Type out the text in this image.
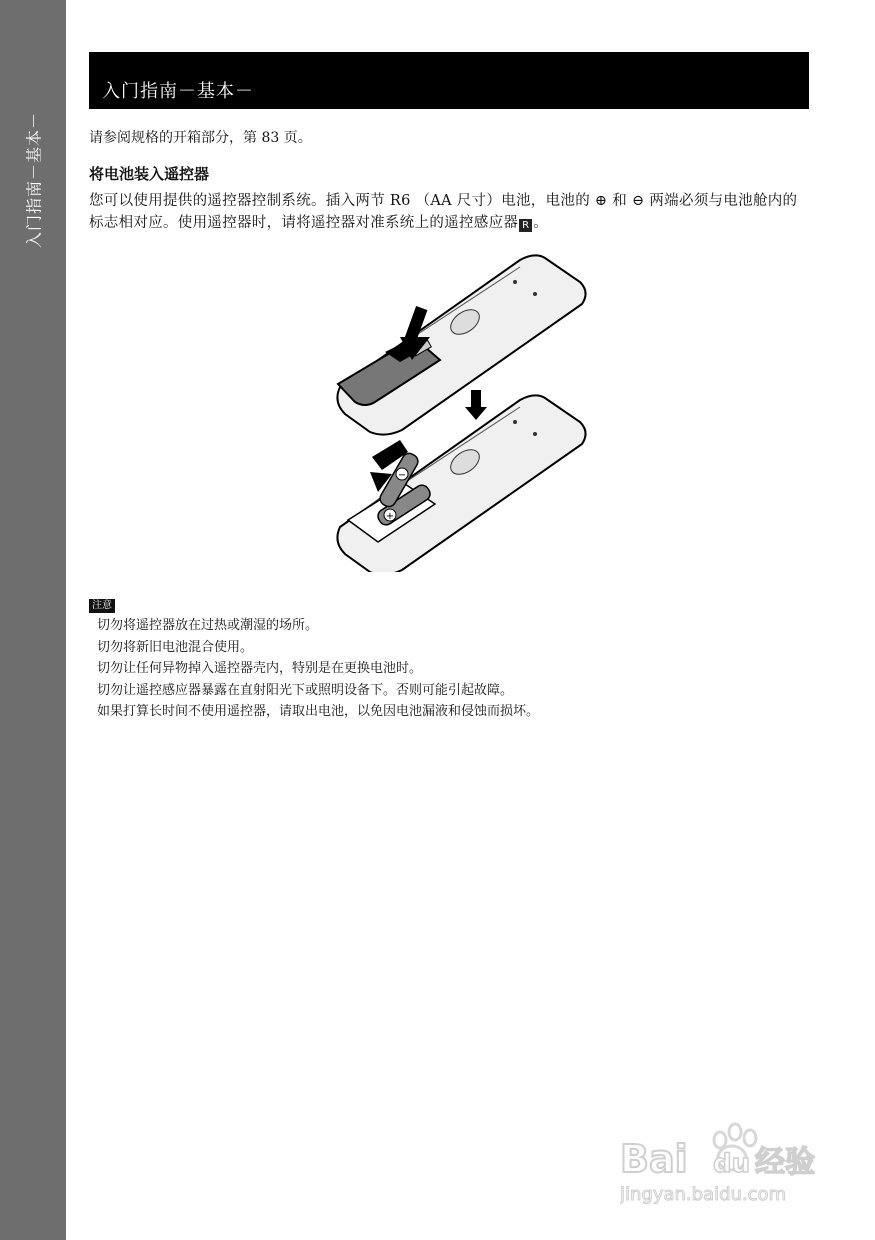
入门指南－基本－
入门指南－基本－
请参阅规格的开箱部分，第 83 页。
将电池装入遥控器
您可以使用提供的遥控器控制系统。插入两节 R6 （AA 尺寸）电池，电池的 ⊕ 和 ⊖ 两端必须与电池舱内的标志相对应。使用遥控器时，请将遥控器对准系统上的遥控感应器 R 。
+
−
注意
切勿将遥控器放在过热或潮湿的场所。
切勿将新旧电池混合使用。
切勿让任何异物掉入遥控器壳内，特别是在更换电池时。
切勿让遥控感应器暴露在直射阳光下或照明设备下。否则可能引起故障。
如果打算长时间不使用遥控器，请取出电池，以免因电池漏液和侵蚀而损坏。
Bai du 经验
jingyan.baidu.com
